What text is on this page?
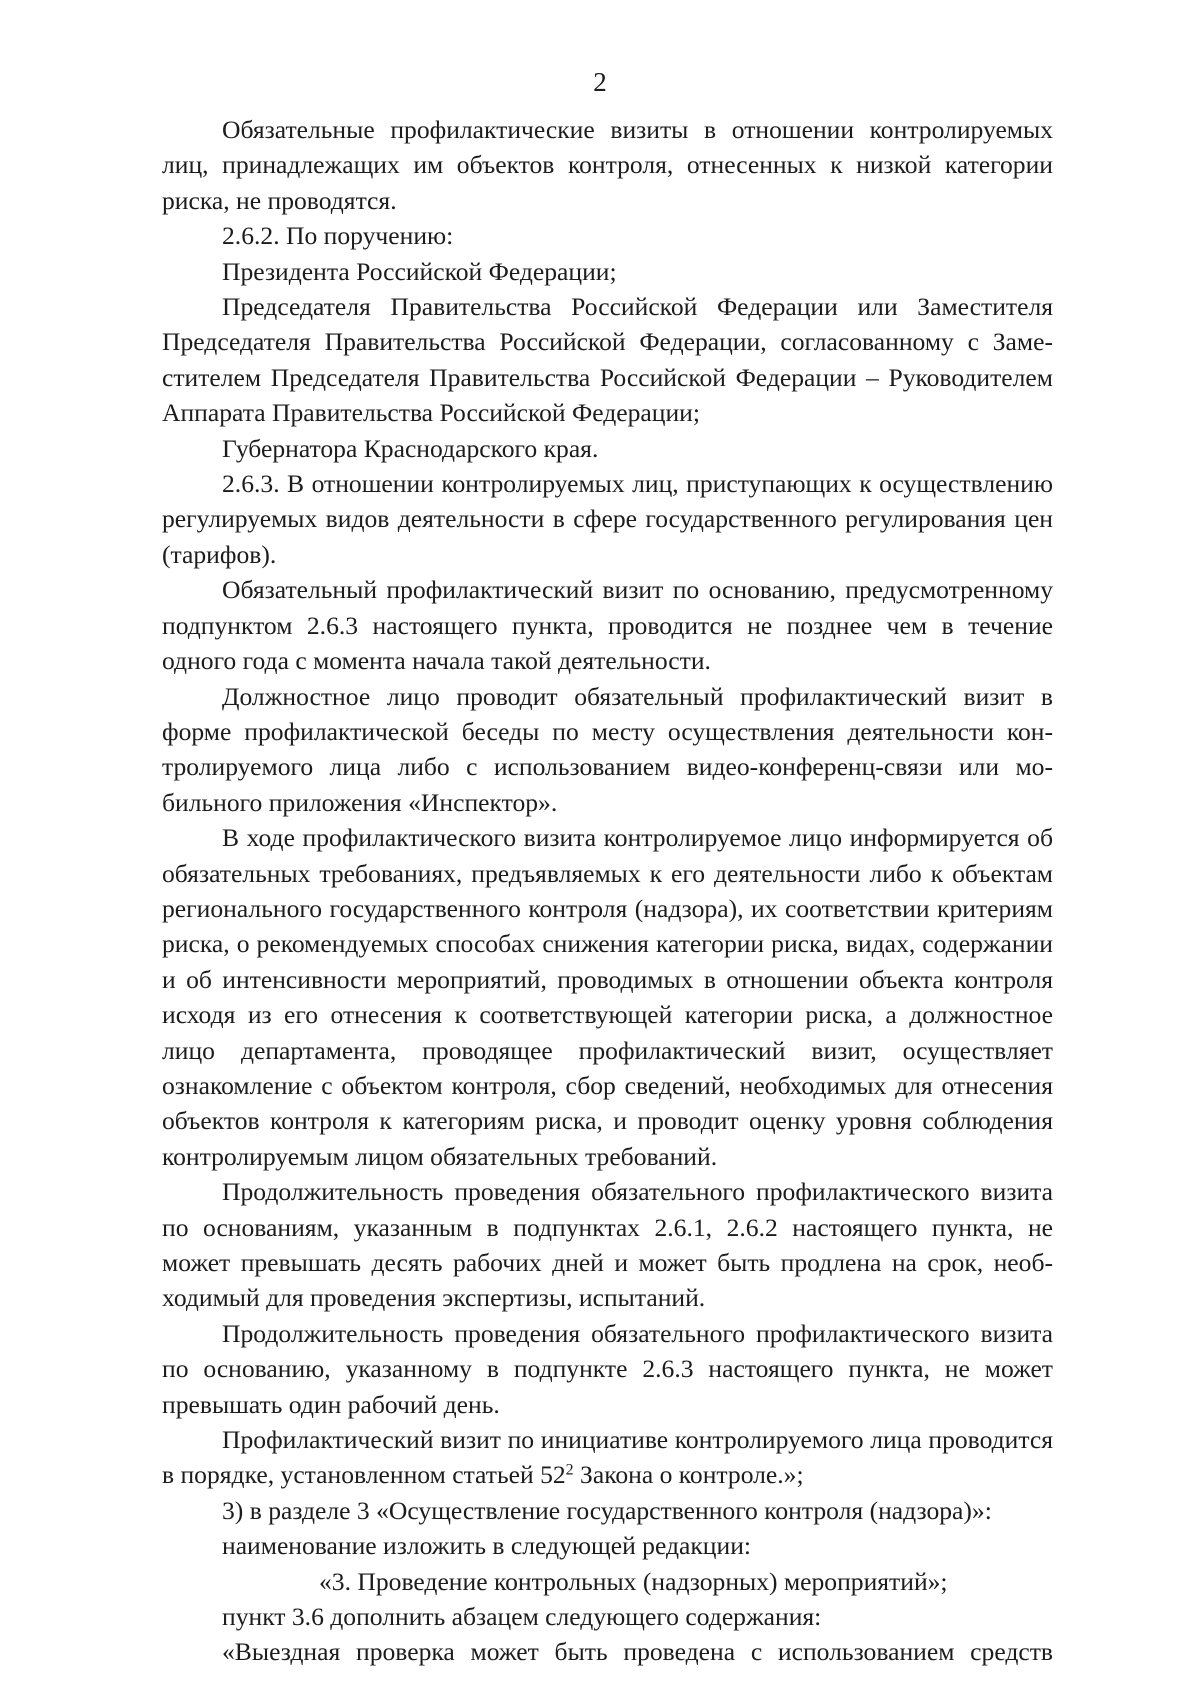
2

Обязательные профилактические визиты в отношении контролируемых лиц, принадлежащих им объектов контроля, отнесенных к низкой категории риска, не проводятся.

2.6.2. По поручению:

Президента Российской Федерации;

Председателя Правительства Российской Федерации или Заместителя Председателя Правительства Российской Федерации, согласованному с Заместителем Председателя Правительства Российской Федерации – Руководителем Аппарата Правительства Российской Федерации;

Губернатора Краснодарского края.

2.6.3. В отношении контролируемых лиц, приступающих к осуществлению регулируемых видов деятельности в сфере государственного регулирования цен (тарифов).

Обязательный профилактический визит по основанию, предусмотренному подпунктом 2.6.3 настоящего пункта, проводится не позднее чем в течение одного года с момента начала такой деятельности.

Должностное лицо проводит обязательный профилактический визит в форме профилактической беседы по месту осуществления деятельности контролируемого лица либо с использованием видео-конференц-связи или мобильного приложения «Инспектор».

В ходе профилактического визита контролируемое лицо информируется об обязательных требованиях, предъявляемых к его деятельности либо к объектам регионального государственного контроля (надзора), их соответствии критериям риска, о рекомендуемых способах снижения категории риска, видах, содержании и об интенсивности мероприятий, проводимых в отношении объекта контроля исходя из его отнесения к соответствующей категории риска, а должностное лицо департамента, проводящее профилактический визит, осуществляет ознакомление с объектом контроля, сбор сведений, необходимых для отнесения объектов контроля к категориям риска, и проводит оценку уровня соблюдения контролируемым лицом обязательных требований.

Продолжительность проведения обязательного профилактического визита по основаниям, указанным в подпунктах 2.6.1, 2.6.2 настоящего пункта, не может превышать десять рабочих дней и может быть продлена на срок, необходимый для проведения экспертизы, испытаний.

Продолжительность проведения обязательного профилактического визита по основанию, указанному в подпункте 2.6.3 настоящего пункта, не может превышать один рабочий день.

Профилактический визит по инициативе контролируемого лица проводится в порядке, установленном статьей $52^2$ Закона о контроле.»;

3) в разделе 3 «Осуществление государственного контроля (надзора)»:

наименование изложить в следующей редакции:

«3. Проведение контрольных (надзорных) мероприятий»;

пункт 3.6 дополнить абзацем следующего содержания:

«Выездная проверка может быть проведена с использованием средств
